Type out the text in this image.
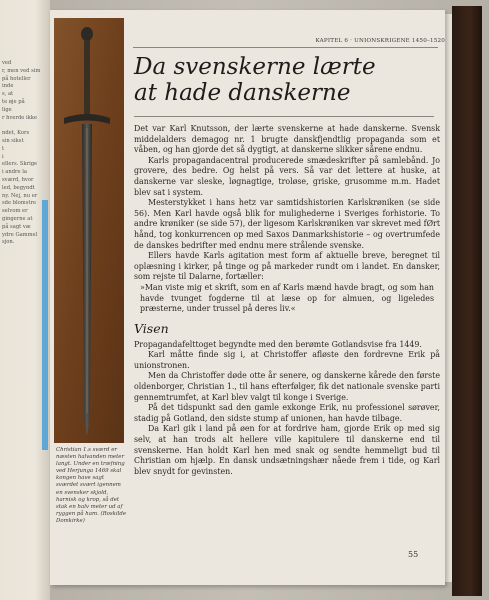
ved
r, men ved sim
på hoteller
inde
s, at
te øje på
lige
r hverde ikke
ndet, Kors
sin sikst
t
i
ellers. Skrige
i andre la
sværd, hvor
led, begyndt
ny. Nej, nu er
sde blomstre
selvom er
gingerne at
på sagt væ
ydre Gammel
sjon.
Christian 1.s sværd er næsten halvanden meter langt. Under en træfning ved Herjunga 1469 skal kongen have sagt sværdet svært igennem en svensker skjold, harnisk og krop, så det stak en halv meter ud af ryggen på ham. (Roskilde Domkirke)
KAPITEL 6 · UNIONSKRIGENE 1450–1520
Da svenskerne lærte
at hade danskerne

Det var Karl Knutsson, der lærte svenskerne at hade danskerne. Svensk middelalders demagog nr. 1 brugte danskfjendtlig propaganda som et våben, og han gjorde det så dygtigt, at danskerne slikker sårene endnu.

Karls propagandacentral producerede smædeskrifter på samlebånd. Jo grovere, des bedre. Og helst på vers. Så var det lettere at huske, at danskerne var sleske, løgnagtige, troløse, griske, grusomme m.m. Hadet blev sat i system.

Mesterstykket i hans hetz var samtidshistorien Karlskrøniken (se side 56). Men Karl havde også blik for mulighederne i Sveriges forhistorie. To andre krøniker (se side 57), der ligesom Karlskrøniken var skrevet med fØrt hånd, tog konkurrencen op med Saxos Danmarkshistorie – og overtrumfede de danskes bedrifter med endnu mere strålende svenske.

Ellers havde Karls agitation mest form af aktuelle breve, beregnet til oplæsning i kirker, på tinge og på markeder rundt om i landet. En dansker, som rejste til Dalarne, fortæller:

»Man viste mig et skrift, som en af Karls mænd havde bragt, og som han havde tvunget fogderne til at læse op for almuen, og ligeledes præsterne, under trussel på deres liv.«

Visen

Propagandafelttoget begyndte med den berømte Gotlandsvise fra 1449.

Karl måtte finde sig i, at Christoffer afløste den fordrevne Erik på unionstronen.

Men da Christoffer døde otte år senere, og danskerne kårede den første oldenborger, Christian 1., til hans efterfølger, fik det nationale svenske parti gennemtrumfet, at Karl blev valgt til konge i Sverige.

På det tidspunkt sad den gamle exkonge Erik, nu professionel sørøver, stadig på Gotland, den sidste stump af unionen, han havde tilbage.

Da Karl gik i land på øen for at fordrive ham, gjorde Erik op med sig selv, at han trods alt hellere ville kapitulere til danskerne end til svenskerne. Han holdt Karl hen med snak og sendte hemmeligt bud til Christian om hjælp. En dansk undsætningshær nåede frem i tide, og Karl blev snydt for gevinsten.

55
